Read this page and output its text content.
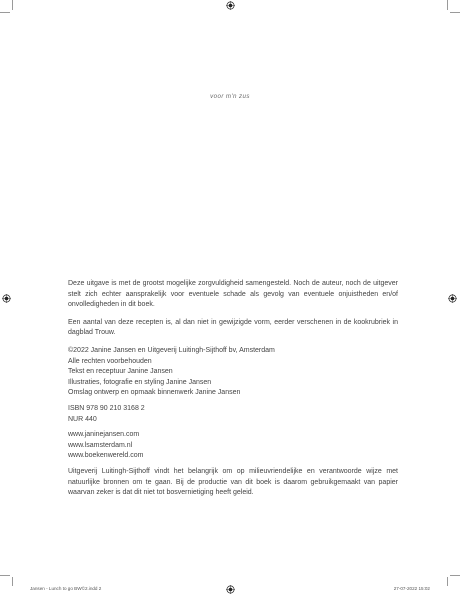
voor m'n zus

Deze uitgave is met de grootst mogelijke zorgvuldigheid samengesteld. Noch de auteur, noch de uitgever stelt zich echter aansprakelijk voor eventuele schade als gevolg van eventuele onjuistheden en/of onvolledigheden in dit boek.

Een aantal van deze recepten is, al dan niet in gewijzigde vorm, eerder verschenen in de kookrubriek in dagblad Trouw.

©2022 Janine Jansen en Uitgeverij Luitingh-Sijthoff bv, Amsterdam

Alle rechten voorbehouden

Tekst en receptuur Janine Jansen

Illustraties, fotografie en styling Janine Jansen

Omslag ontwerp en opmaak binnenwerk Janine Jansen

ISBN 978 90 210 3168 2

NUR 440

www.janinejansen.com

www.lsamsterdam.nl

www.boekenwereld.com

Uitgeverij Luitingh-Sijthoff vindt het belangrijk om op milieuvriendelijke en verantwoorde wijze met natuurlijke bronnen om te gaan. Bij de productie van dit boek is daarom gebruikgemaakt van papier waarvan zeker is dat dit niet tot bosvernietiging heeft geleid.

Jansen - Lunch to go BW©2.indd 2	27-07-2022 15:02
